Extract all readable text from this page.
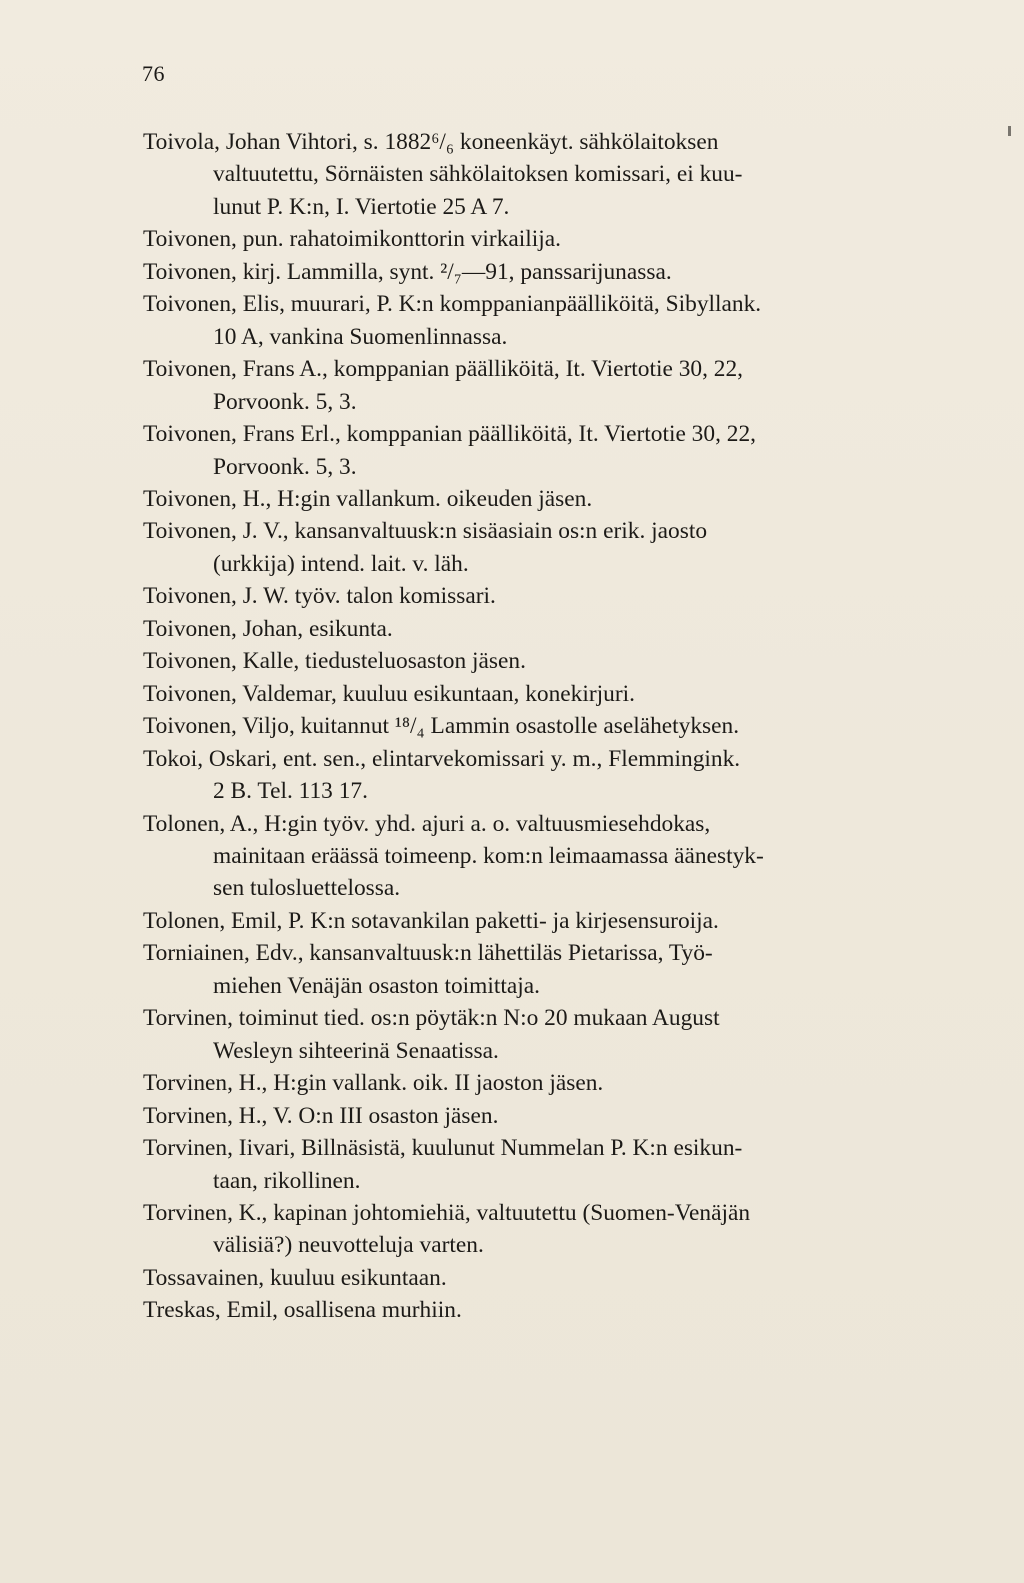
76
Toivola, Johan Vihtori, s. 1882⁶/₆ koneenkäyt. sähkölaitoksen
valtuutettu, Sörnäisten sähkölaitoksen komissari, ei kuu-
lunut P. K:n, I. Viertotie 25 A 7.
Toivonen, pun. rahatoimikonttorin virkailija.
Toivonen, kirj. Lammilla, synt. ²/₇—91, panssarijunassa.
Toivonen, Elis, muurari, P. K:n komppanianpäälliköitä, Sibyllank.
10 A, vankina Suomenlinnassa.
Toivonen, Frans A., komppanian päälliköitä, It. Viertotie 30, 22,
Porvoonk. 5, 3.
Toivonen, Frans Erl., komppanian päälliköitä, It. Viertotie 30, 22,
Porvoonk. 5, 3.
Toivonen, H., H:gin vallankum. oikeuden jäsen.
Toivonen, J. V., kansanvaltuusk:n sisäasiain os:n erik. jaosto
(urkkija) intend. lait. v. läh.
Toivonen, J. W. työv. talon komissari.
Toivonen, Johan, esikunta.
Toivonen, Kalle, tiedusteluosaston jäsen.
Toivonen, Valdemar, kuuluu esikuntaan, konekirjuri.
Toivonen, Viljo, kuitannut ¹⁸/₄ Lammin osastolle aselähetyksen.
Tokoi, Oskari, ent. sen., elintarvekomissari y. m., Flemmingink.
2 B. Tel. 113 17.
Tolonen, A., H:gin työv. yhd. ajuri a. o. valtuusmiesehdokas,
mainitaan eräässä toimeenp. kom:n leimaamassa äänestyk-
sen tulosluettelossa.
Tolonen, Emil, P. K:n sotavankilan paketti- ja kirjesensuroija.
Torniainen, Edv., kansanvaltuusk:n lähettiläs Pietarissa, Työ-
miehen Venäjän osaston toimittaja.
Torvinen, toiminut tied. os:n pöytäk:n N:o 20 mukaan August
Wesleyn sihteerinä Senaatissa.
Torvinen, H., H:gin vallank. oik. II jaoston jäsen.
Torvinen, H., V. O:n III osaston jäsen.
Torvinen, Iivari, Billnäsistä, kuulunut Nummelan P. K:n esikun-
taan, rikollinen.
Torvinen, K., kapinan johtomiehiä, valtuutettu (Suomen-Venäjän
välisiä?) neuvotteluja varten.
Tossavainen, kuuluu esikuntaan.
Treskas, Emil, osallisena murhiin.
